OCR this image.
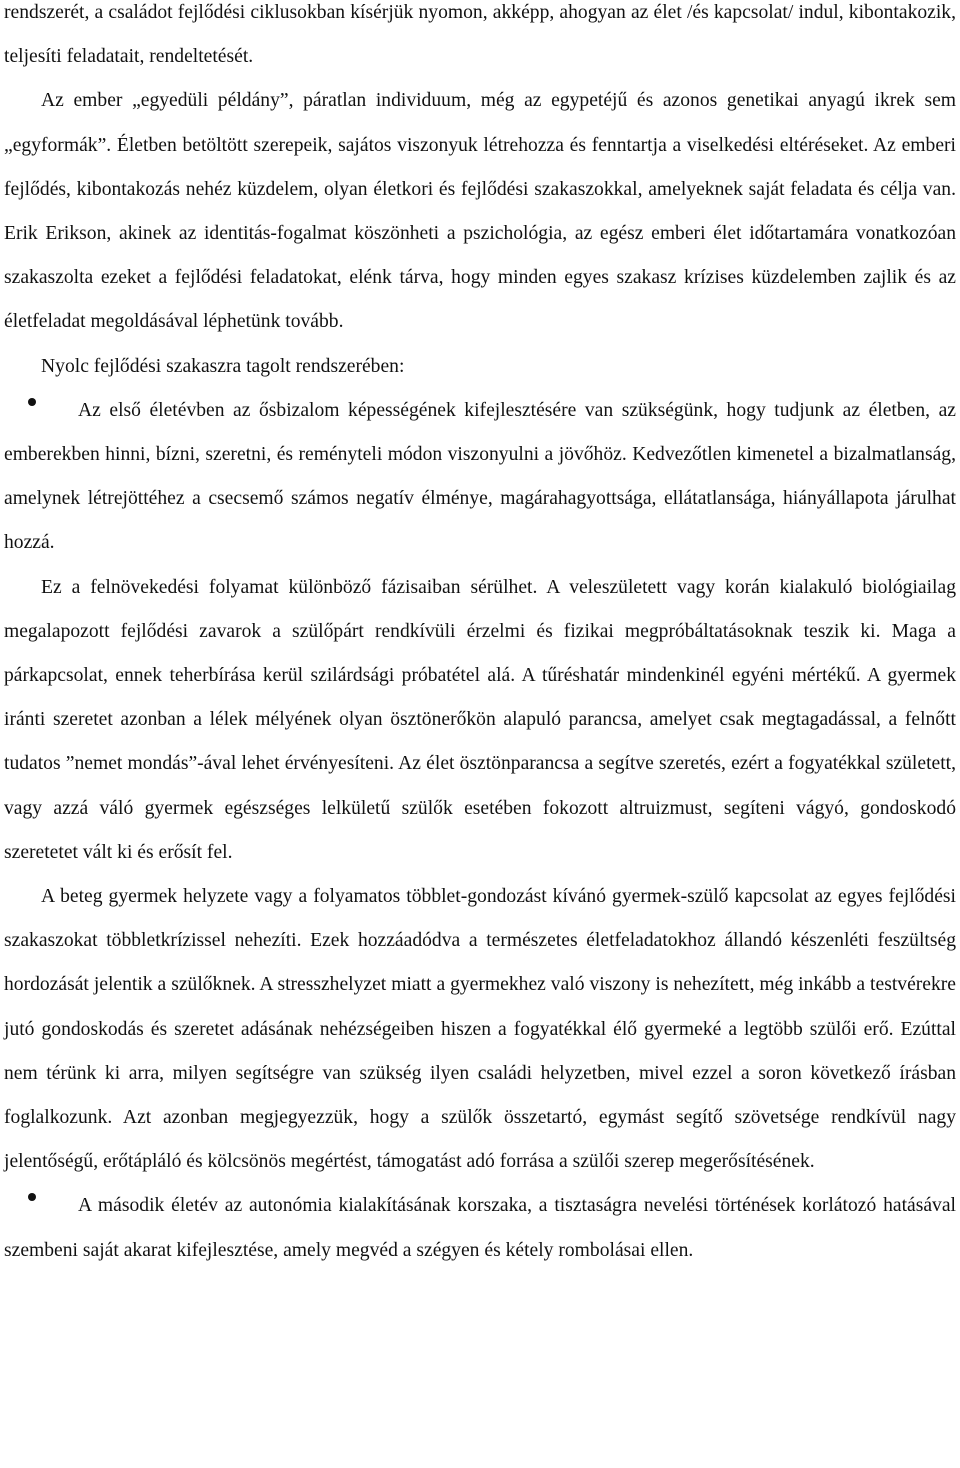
rendszerét, a családot fejlődési ciklusokban kísérjük nyomon, akképp, ahogyan az élet /és kapcsolat/ indul, kibontakozik, teljesíti feladatait, rendeltetését.

Az ember „egyedüli példány”, páratlan individuum, még az egypetéjű és azonos genetikai anyagú ikrek sem „egyformák”. Életben betöltött szerepeik, sajátos viszonyuk létrehozza és fenntartja a viselkedési eltéréseket. Az emberi fejlődés, kibontakozás nehéz küzdelem, olyan életkori és fejlődési szakaszokkal, amelyeknek saját feladata és célja van. Erik Erikson, akinek az identitás-fogalmat köszönheti a pszichológia, az egész emberi élet időtartamára vonatkozóan szakaszolta ezeket a fejlődési feladatokat, elénk tárva, hogy minden egyes szakasz krízises küzdelemben zajlik és az életfeladat megoldásával léphetünk tovább.

Nyolc fejlődési szakaszra tagolt rendszerében:

Az első életévben az ősbizalom képességének kifejlesztésére van szükségünk, hogy tudjunk az életben, az emberekben hinni, bízni, szeretni, és reményteli módon viszonyulni a jövőhöz. Kedvezőtlen kimenetel a bizalmatlanság, amelynek létrejöttéhez a csecsemő számos negatív élménye, magárahagyottsága, ellátatlansága, hiányállapota járulhat hozzá.

Ez a felnövekedési folyamat különböző fázisaiban sérülhet. A veleszületett vagy korán kialakuló biológiailag megalapozott fejlődési zavarok a szülőpárt rendkívüli érzelmi és fizikai megpróbáltatásoknak teszik ki. Maga a párkapcsolat, ennek teherbírása kerül szilárdsági próbatétel alá. A tűréshatár mindenkinél egyéni mértékű. A gyermek iránti szeretet azonban a lélek mélyének olyan ösztönerőkön alapuló parancsa, amelyet csak megtagadással, a felnőtt tudatos ”nemet mondás”-ával lehet érvényesíteni. Az élet ösztönparancsa a segítve szeretés, ezért a fogyatékkal született, vagy azzá váló gyermek egészséges lelkületű szülők esetében fokozott altruizmust, segíteni vágyó, gondoskodó szeretetet vált ki és erősít fel.

A beteg gyermek helyzete vagy a folyamatos többlet-gondozást kívánó gyermek-szülő kapcsolat az egyes fejlődési szakaszokat többletkrízissel nehezíti. Ezek hozzáadódva a természetes életfeladatokhoz állandó készenléti feszültség hordozását jelentik a szülőknek. A stresszhelyzet miatt a gyermekhez való viszony is nehezített, még inkább a testvérekre jutó gondoskodás és szeretet adásának nehézségeiben hiszen a fogyatékkal élő gyermeké a legtöbb szülői erő. Ezúttal nem térünk ki arra, milyen segítségre van szükség ilyen családi helyzetben, mivel ezzel a soron következő írásban foglalkozunk. Azt azonban megjegyezzük, hogy a szülők összetartó, egymást segítő szövetsége rendkívül nagy jelentőségű, erőtápláló és kölcsönös megértést, támogatást adó forrása a szülői szerep megerősítésének.

A második életév az autonómia kialakításának korszaka, a tisztaságra nevelési történések korlátozó hatásával szembeni saját akarat kifejlesztése, amely megvéd a szégyen és kétely rombolásai ellen.
